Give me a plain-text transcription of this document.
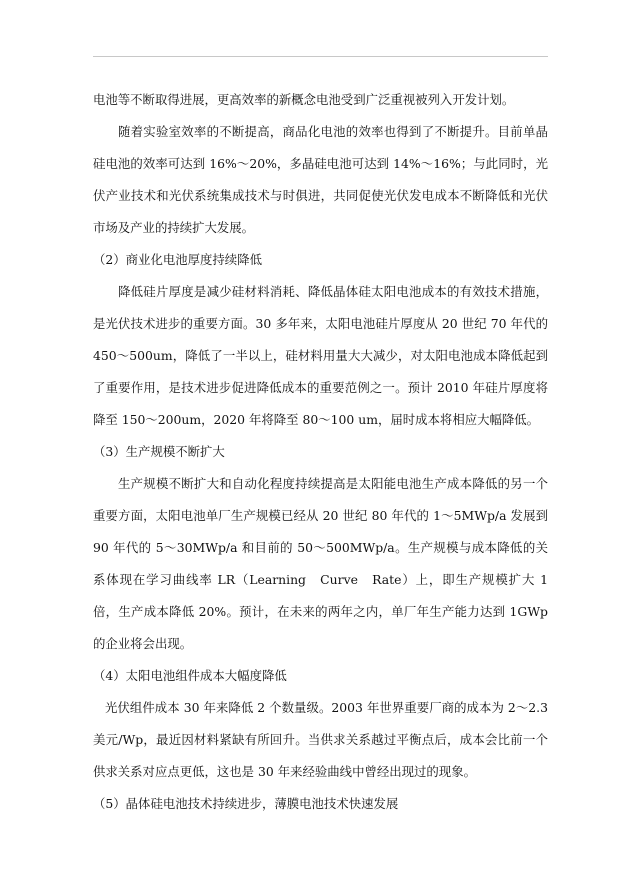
电池等不断取得进展，更高效率的新概念电池受到广泛重视被列入开发计划。

随着实验室效率的不断提高，商品化电池的效率也得到了不断提升。目前单晶硅电池的效率可达到 16%～20%，多晶硅电池可达到 14%～16%；与此同时，光伏产业技术和光伏系统集成技术与时俱进，共同促使光伏发电成本不断降低和光伏市场及产业的持续扩大发展。

（2）商业化电池厚度持续降低

降低硅片厚度是减少硅材料消耗、降低晶体硅太阳电池成本的有效技术措施，是光伏技术进步的重要方面。30 多年来，太阳电池硅片厚度从 20 世纪 70 年代的 450～500um，降低了一半以上，硅材料用量大大减少，对太阳电池成本降低起到了重要作用，是技术进步促进降低成本的重要范例之一。预计 2010 年硅片厚度将降至 150～200um，2020 年将降至 80～100 um，届时成本将相应大幅降低。

（3）生产规模不断扩大

生产规模不断扩大和自动化程度持续提高是太阳能电池生产成本降低的另一个重要方面，太阳电池单厂生产规模已经从 20 世纪 80 年代的 1～5MWp/a 发展到 90 年代的 5～30MWp/a 和目前的 50～500MWp/a。生产规模与成本降低的关系体现在学习曲线率 LR（Learning　Curve　Rate）上，即生产规模扩大 1 倍，生产成本降低 20%。预计，在未来的两年之内，单厂年生产能力达到 1GWp 的企业将会出现。

（4）太阳电池组件成本大幅度降低

光伏组件成本 30 年来降低 2 个数量级。2003 年世界重要厂商的成本为 2～2.3 美元/Wp，最近因材料紧缺有所回升。当供求关系越过平衡点后，成本会比前一个供求关系对应点更低，这也是 30 年来经验曲线中曾经出现过的现象。

（5）晶体硅电池技术持续进步，薄膜电池技术快速发展
